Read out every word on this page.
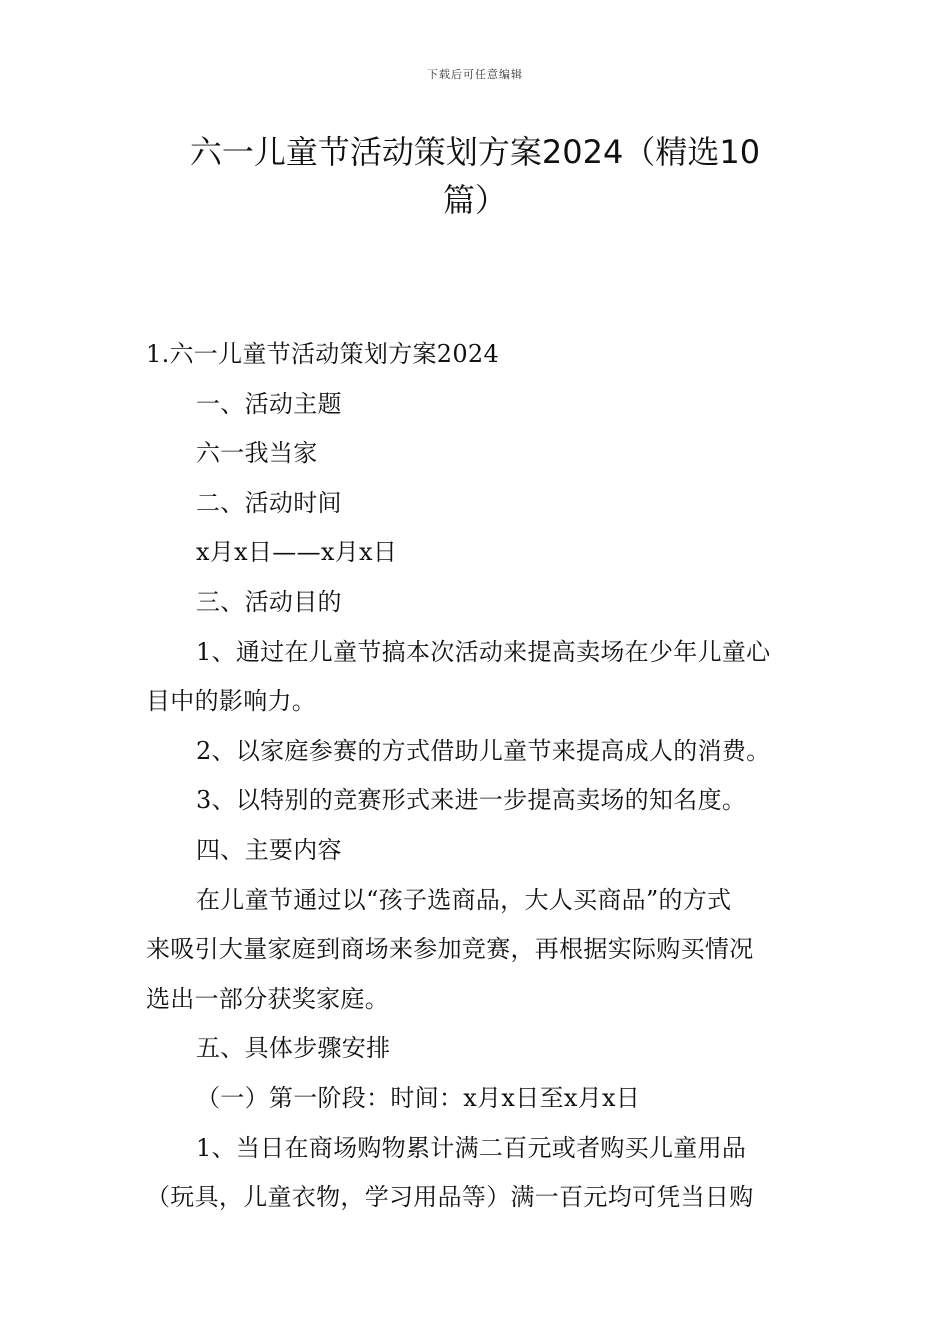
下载后可任意编辑
六一儿童节活动策划方案2024（精选10
篇）
1.六一儿童节活动策划方案2024
一、活动主题
六一我当家
二、活动时间
x月x日——x月x日
三、活动目的
1、通过在儿童节搞本次活动来提高卖场在少年儿童心
目中的影响力。
2、以家庭参赛的方式借助儿童节来提高成人的消费。
3、以特别的竞赛形式来进一步提高卖场的知名度。
四、主要内容
在儿童节通过以“孩子选商品，大人买商品”的方式
来吸引大量家庭到商场来参加竞赛，再根据实际购买情况
选出一部分获奖家庭。
五、具体步骤安排
（一）第一阶段：时间：x月x日至x月x日
1、当日在商场购物累计满二百元或者购买儿童用品
（玩具，儿童衣物，学习用品等）满一百元均可凭当日购
